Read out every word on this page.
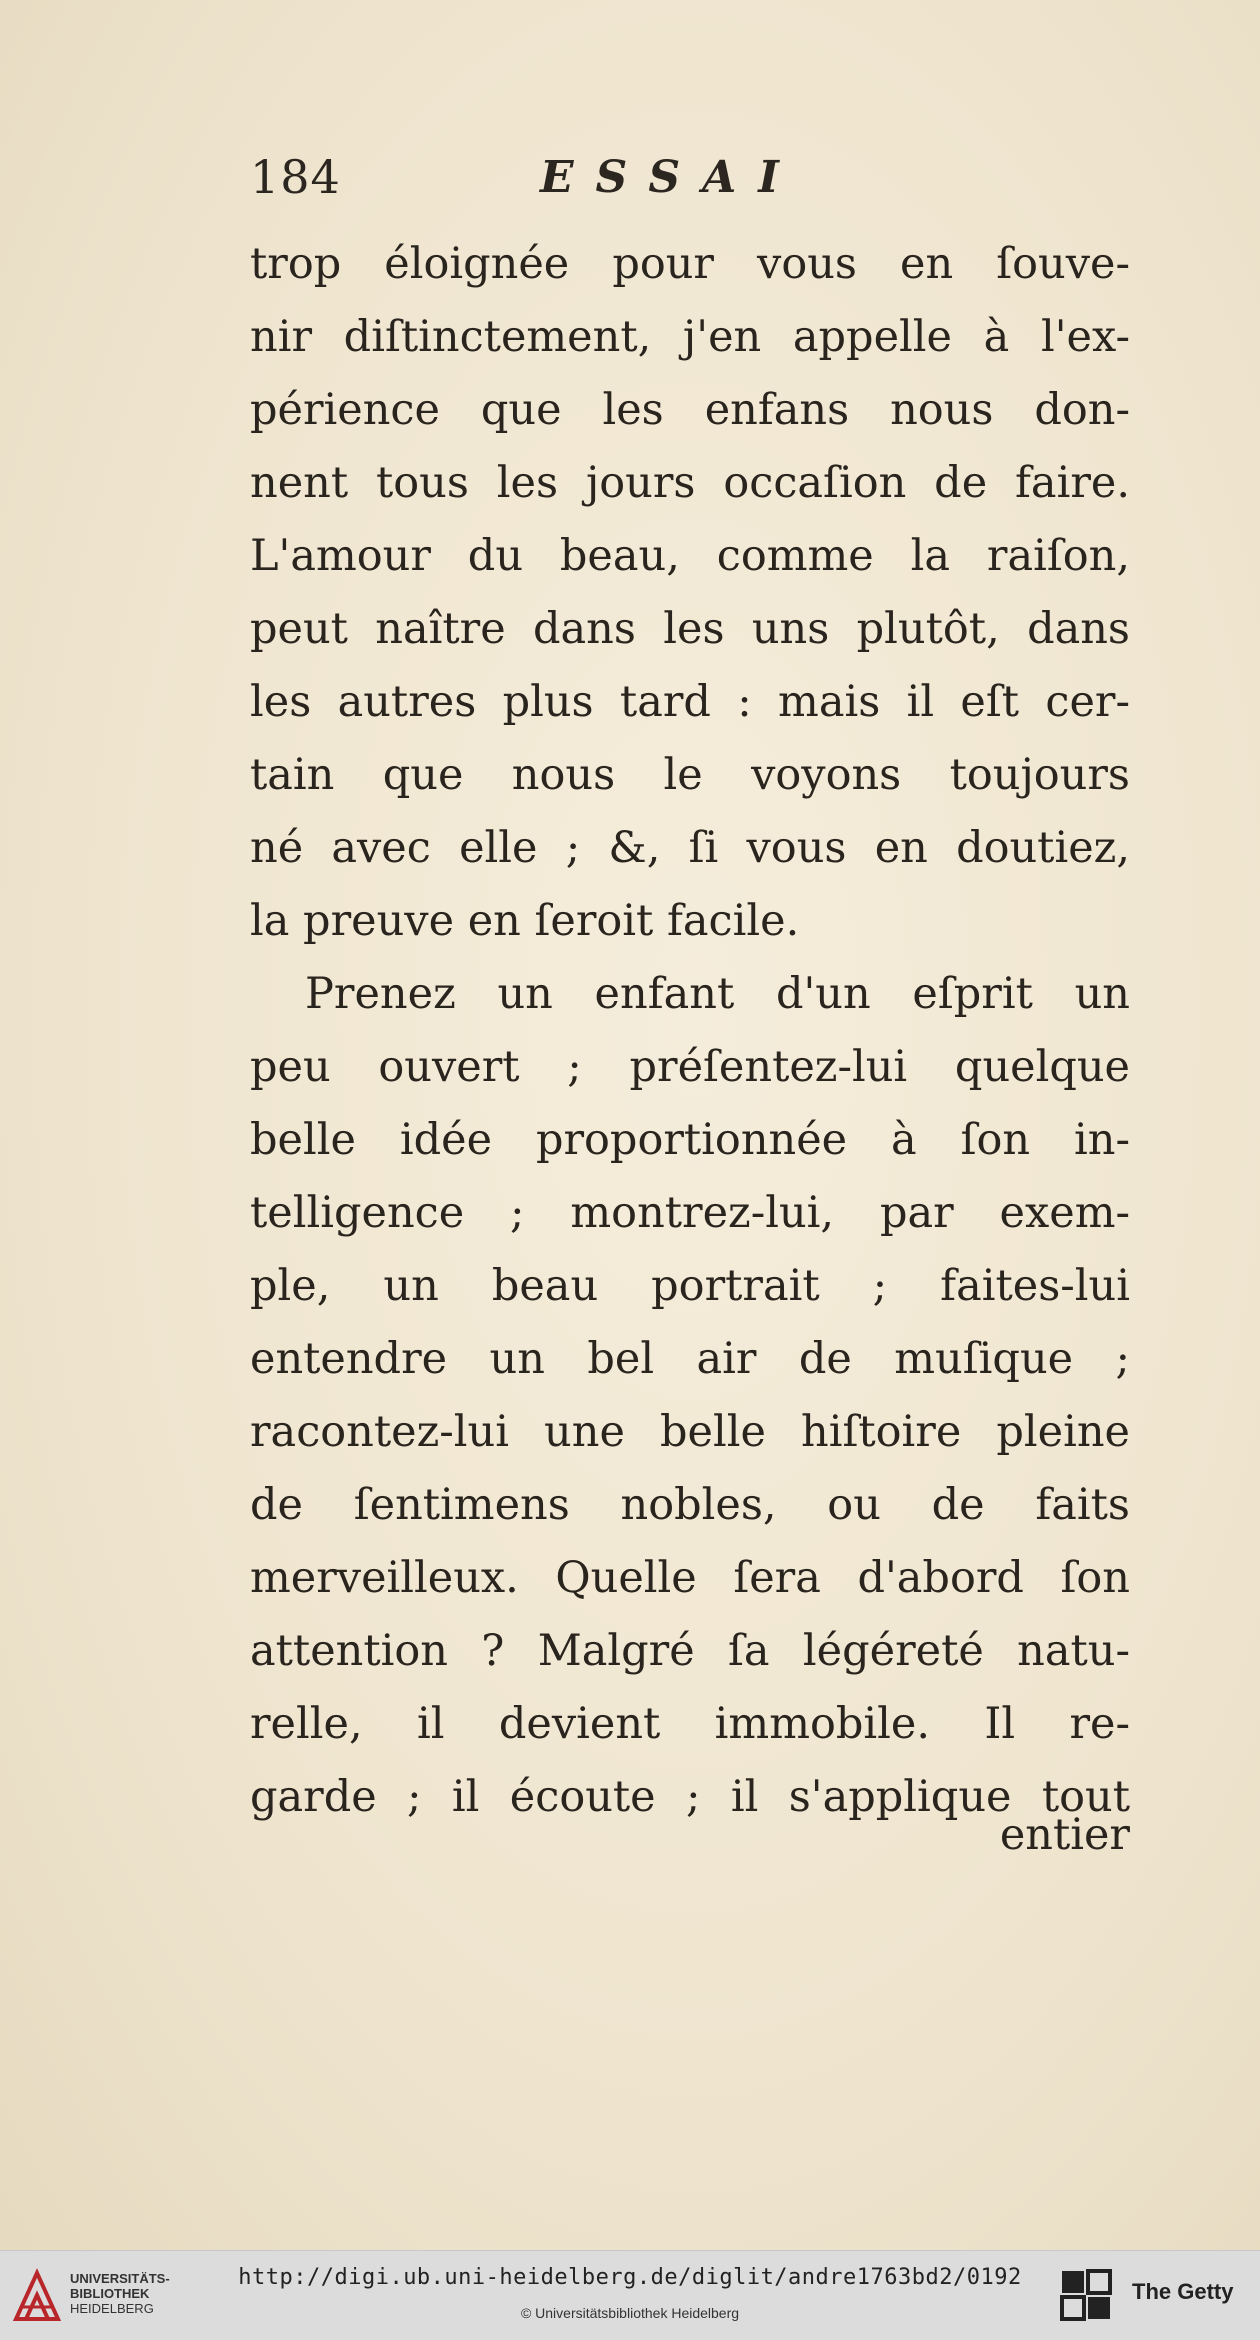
184	ESSAI
trop éloignée pour vous en ſouve-
nir diſtinctement, j'en appelle à l'ex-
périence que les enfans nous don-
nent tous les jours occaſion de faire.
L'amour du beau, comme la raiſon,
peut naître dans les uns plutôt, dans
les autres plus tard : mais il eſt cer-
tain que nous le voyons toujours
né avec elle ; &, ſi vous en doutiez,
la preuve en ſeroit facile.
Prenez un enfant d'un eſprit un
peu ouvert ; préſentez-lui quelque
belle idée proportionnée à ſon in-
telligence ; montrez-lui, par exem-
ple, un beau portrait ; faites-lui
entendre un bel air de muſique ;
racontez-lui une belle hiſtoire pleine
de ſentimens nobles, ou de faits
merveilleux. Quelle ſera d'abord ſon
attention ? Malgré ſa légéreté natu-
relle, il devient immobile. Il re-
garde ; il écoute ; il s'applique tout
entier
UNIVERSITÄTS-
BIBLIOTHEK
HEIDELBERG
http://digi.ub.uni-heidelberg.de/diglit/andre1763bd2/0192
© Universitätsbibliothek Heidelberg
The Getty
